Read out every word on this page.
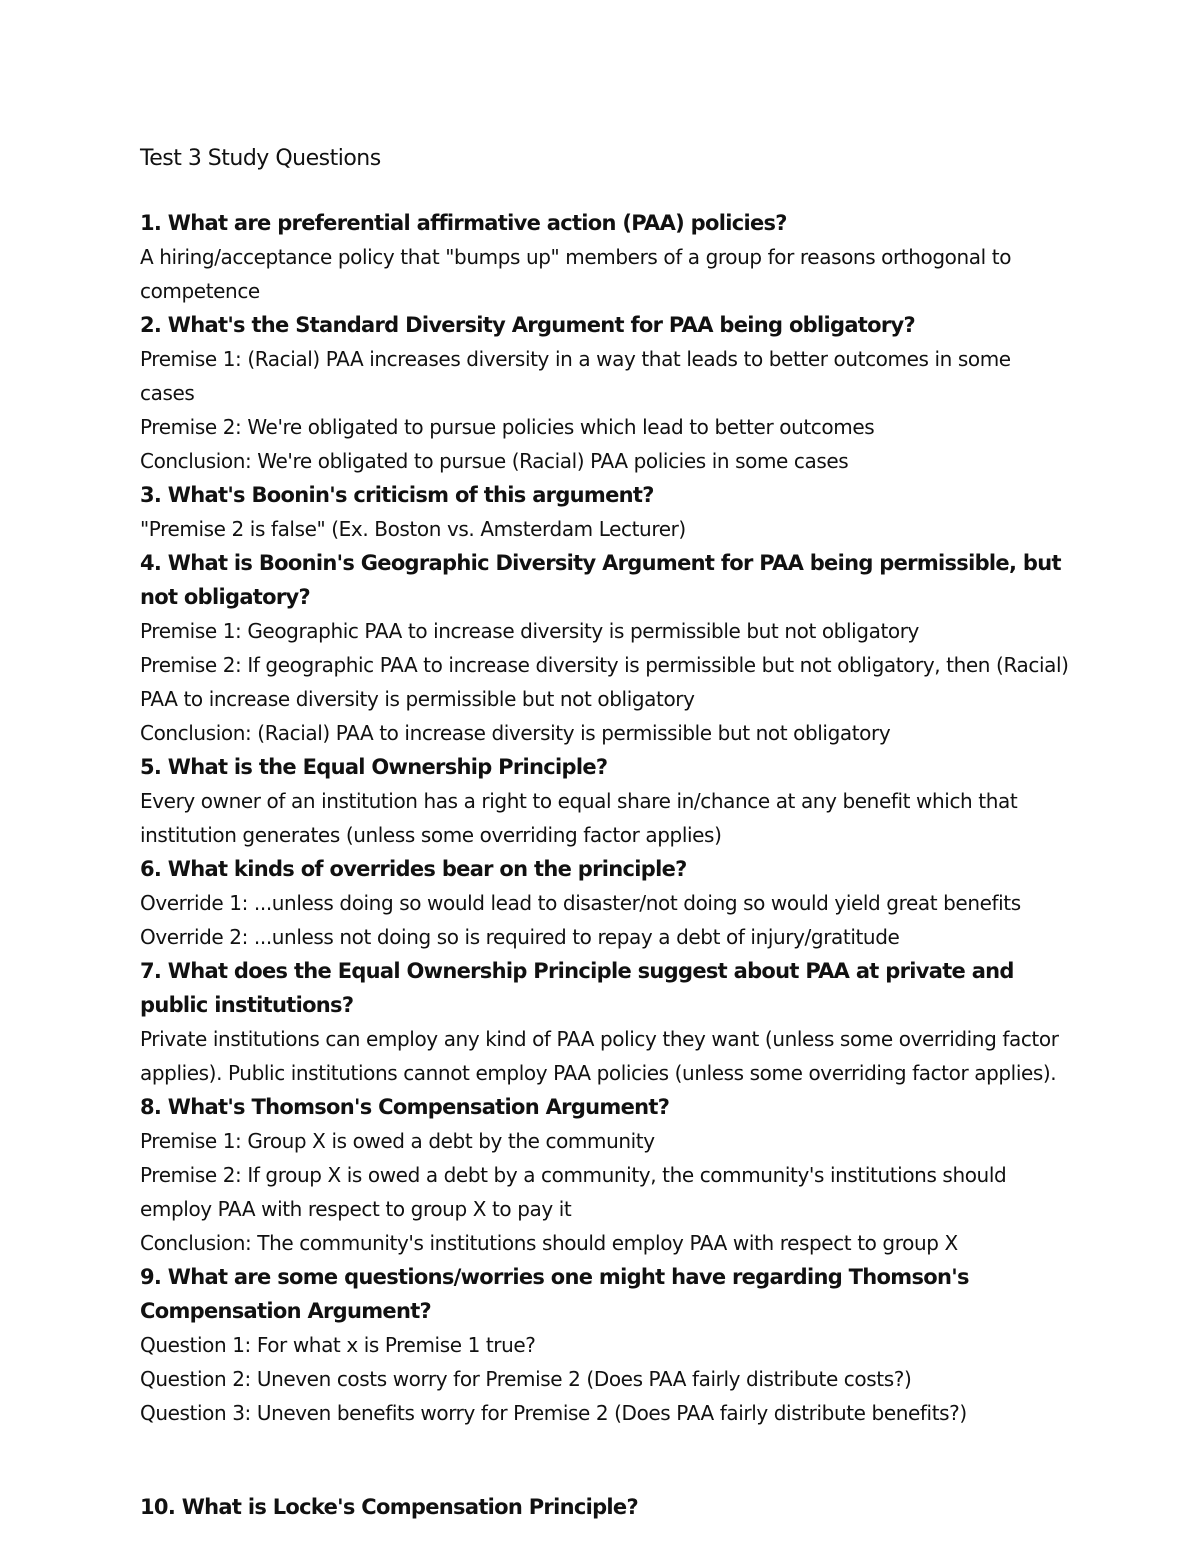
Test 3 Study Questions

1. What are preferential affirmative action (PAA) policies?

A hiring/acceptance policy that "bumps up" members of a group for reasons orthogonal to competence

2. What's the Standard Diversity Argument for PAA being obligatory?

Premise 1: (Racial) PAA increases diversity in a way that leads to better outcomes in some cases

Premise 2: We're obligated to pursue policies which lead to better outcomes

Conclusion: We're obligated to pursue (Racial) PAA policies in some cases

3. What's Boonin's criticism of this argument?

"Premise 2 is false" (Ex. Boston vs. Amsterdam Lecturer)

4. What is Boonin's Geographic Diversity Argument for PAA being permissible, but not obligatory?

Premise 1: Geographic PAA to increase diversity is permissible but not obligatory

Premise 2: If geographic PAA to increase diversity is permissible but not obligatory, then (Racial) PAA to increase diversity is permissible but not obligatory

Conclusion: (Racial) PAA to increase diversity is permissible but not obligatory

5. What is the Equal Ownership Principle?

Every owner of an institution has a right to equal share in/chance at any benefit which that institution generates (unless some overriding factor applies)

6. What kinds of overrides bear on the principle?

Override 1: ...unless doing so would lead to disaster/not doing so would yield great benefits

Override 2: ...unless not doing so is required to repay a debt of injury/gratitude

7. What does the Equal Ownership Principle suggest about PAA at private and public institutions?

Private institutions can employ any kind of PAA policy they want (unless some overriding factor applies). Public institutions cannot employ PAA policies (unless some overriding factor applies).

8. What's Thomson's Compensation Argument?

Premise 1: Group X is owed a debt by the community

Premise 2: If group X is owed a debt by a community, the community's institutions should employ PAA with respect to group X to pay it

Conclusion: The community's institutions should employ PAA with respect to group X

9. What are some questions/worries one might have regarding Thomson's Compensation Argument?

Question 1: For what x is Premise 1 true?

Question 2: Uneven costs worry for Premise 2 (Does PAA fairly distribute costs?)

Question 3: Uneven benefits worry for Premise 2 (Does PAA fairly distribute benefits?)

10. What is Locke's Compensation Principle?
